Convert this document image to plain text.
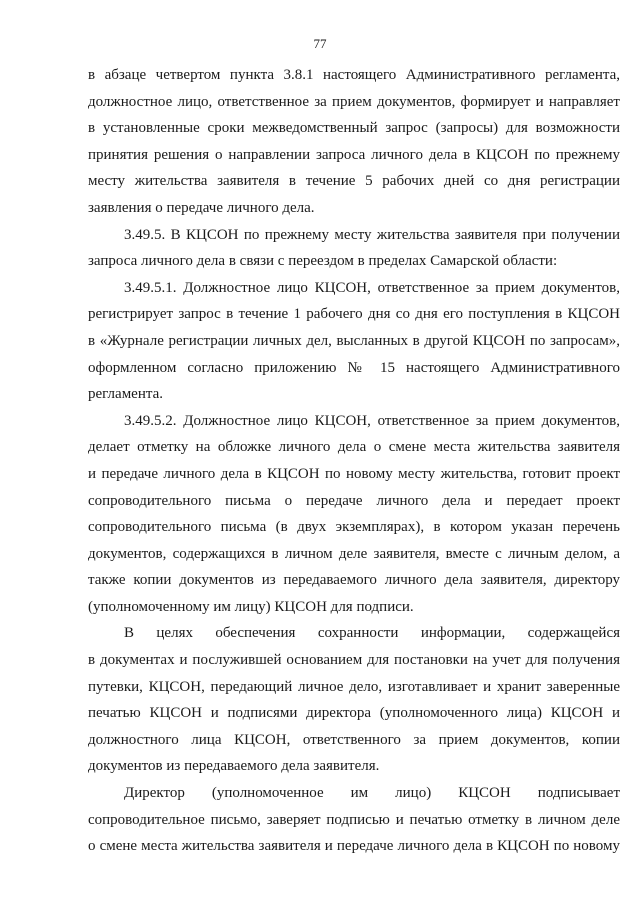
77

в абзаце четвертом пункта 3.8.1 настоящего Административного регламента,
должностное лицо, ответственное за прием документов, формирует и направляет
в установленные сроки межведомственный запрос (запросы) для возможности
принятия решения о направлении запроса личного дела в КЦСОН по прежнему
месту жительства заявителя в течение 5 рабочих дней со дня регистрации
заявления о передаче личного дела.

3.49.5. В КЦСОН по прежнему месту жительства заявителя при получении
запроса личного дела в связи с переездом в пределах Самарской области:

3.49.5.1. Должностное лицо КЦСОН, ответственное за прием документов,
регистрирует запрос в течение 1 рабочего дня со дня его поступления в КЦСОН
в «Журнале регистрации личных дел, высланных в другой КЦСОН по запросам»,
оформленном согласно приложению № 15 настоящего Административного
регламента.

3.49.5.2. Должностное лицо КЦСОН, ответственное за прием документов,
делает отметку на обложке личного дела о смене места жительства заявителя
и передаче личного дела в КЦСОН по новому месту жительства, готовит проект
сопроводительного письма о передаче личного дела и передает проект
сопроводительного письма (в двух экземплярах), в котором указан перечень
документов, содержащихся в личном деле заявителя, вместе с личным делом, а
также копии документов из передаваемого личного дела заявителя, директору
(уполномоченному им лицу) КЦСОН для подписи.

В целях обеспечения сохранности информации, содержащейся
в документах и послужившей основанием для постановки на учет для получения
путевки, КЦСОН, передающий личное дело, изготавливает и хранит заверенные
печатью КЦСОН и подписями директора (уполномоченного лица) КЦСОН и
должностного лица КЦСОН, ответственного за прием документов, копии
документов из передаваемого дела заявителя.

Директор (уполномоченное им лицо) КЦСОН подписывает
сопроводительное письмо, заверяет подписью и печатью отметку в личном деле
о смене места жительства заявителя и передаче личного дела в КЦСОН по новому
